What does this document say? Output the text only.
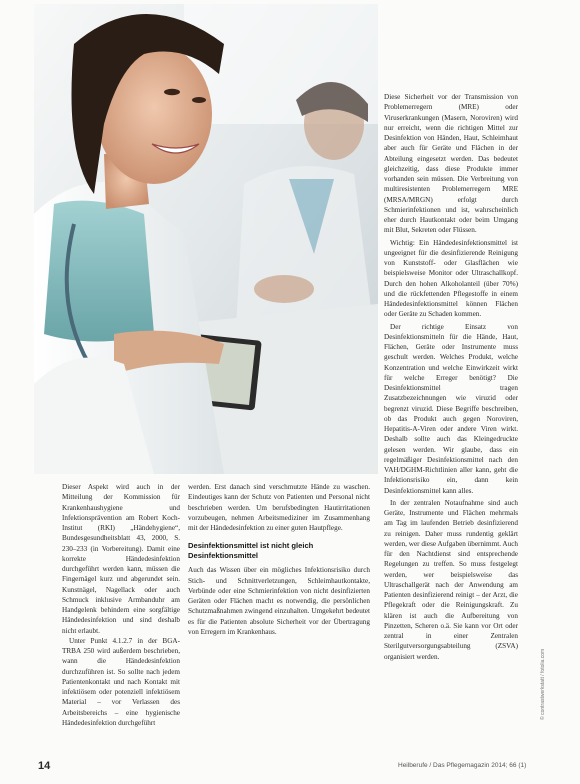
Dieser Aspekt wird auch in der Mitteilung der Kommission für Krankenhaushygiene und Infektionsprävention am Robert Koch-Institut (RKI) „Händehygiene“, Bundesgesundheitsblatt 43, 2000, S. 230–233 (in Vorbereitung). Damit eine korrekte Händedesinfektion durchgeführt werden kann, müssen die Fingernägel kurz und abgerundet sein. Kunstnägel, Nagellack oder auch Schmuck inklusive Armbanduhr am Handgelenk behindern eine sorgfältige Händedesinfektion und sind deshalb nicht erlaubt.

Unter Punkt 4.1.2.7 in der BGA-TRBA 250 wird außerdem beschrieben, wann die Händedesinfektion durchzuführen ist. So sollte nach jedem Patientenkontakt und nach Kontakt mit infektiösem oder potenziell infektiösem Material – vor Verlassen des Arbeitsbereichs – eine hygienische Händedesinfektion durchgeführt

werden. Erst danach sind verschmutzte Hände zu waschen. Eindeutiges kann der Schutz von Patienten und Personal nicht beschrieben werden. Um berufsbedingten Hautirritationen vorzubeugen, nehmen Arbeitsmediziner im Zusammenhang mit der Händedesinfektion zu einer guten Hautpflege.

Desinfektionsmittel ist nicht gleich Desinfektionsmittel

Auch das Wissen über ein mögliches Infektionsrisiko durch Stich- und Schnittverletzungen, Schleimhautkontakte, Verbünde oder eine Schmierinfektion von nicht desinfizierten Geräten oder Flächen macht es notwendig, die persönlichen Schutzmaßnahmen zwingend einzuhalten. Umgekehrt bedeutet es für die Patienten absolute Sicherheit vor der Übertragung von Erregern im Krankenhaus.

Diese Sicherheit vor der Transmission von Problemerregern (MRE) oder Viruserkrankungen (Masern, Noroviren) wird nur erreicht, wenn die richtigen Mittel zur Desinfektion von Händen, Haut, Schleimhaut aber auch für Geräte und Flächen in der Abteilung eingesetzt werden. Das bedeutet gleichzeitig, dass diese Produkte immer vorhanden sein müssen. Die Verbreitung von multiresistenten Problemerregern MRE (MRSA/MRGN) erfolgt durch Schmierinfektionen und ist, wahrscheinlich eher durch Hautkontakt oder beim Umgang mit Blut, Sekreten oder Flüssen.

Wichtig: Ein Händedesinfektionsmittel ist ungeeignet für die desinfizierende Reinigung von Kunststoff- oder Glasflächen wie beispielsweise Monitor oder Ultraschallkopf. Durch den hohen Alkoholanteil (über 70%) und die rückfettenden Pflegestoffe in einem Händedesinfektionsmittel können Flächen oder Geräte zu Schaden kommen.

Der richtige Einsatz von Desinfektionsmitteln für die Hände, Haut, Flächen, Geräte oder Instrumente muss geschult werden. Welches Produkt, welche Konzentration und welche Einwirkzeit wirkt für welche Erreger benötigt? Die Desinfektionsmittel tragen Zusatzbezeichnungen wie viruzid oder begrenzt viruzid. Diese Begriffe beschreiben, ob das Produkt auch gegen Noroviren, Hepatitis-A-Viren oder andere Viren wirkt. Deshalb sollte auch das Kleingedruckte gelesen werden. Wir glaube, dass ein regelmäßiger Desinfektionsmittel nach den VAH/DGHM-Richtlinien aller kann, geht die Infektionsrisiko ein, dann kein Desinfektionsmittel kann alles.

In der zentralen Notaufnahme sind auch Geräte, Instrumente und Flächen mehrmals am Tag im laufenden Betrieb desinfizierend zu reinigen. Daher muss rundentig geklärt werden, wer diese Aufgaben übernimmt. Auch für den Nachtdienst sind entsprechende Regelungen zu treffen. So muss festgelegt werden, wer beispielsweise das Ultraschallgerät nach der Anwendung am Patienten desinfizierend reinigt – der Arzt, die Pflegekraft oder die Reinigungskraft. Zu klären ist auch die Aufbereitung von Pinzetten, Scheren o.ä. Sie kann vor Ort oder zentral in einer Zentralen Sterilgutversorgungsabteilung (ZSVA) organisiert werden.

14	Heilberufe / Das Pflegemagazin 2014; 66 (1)
© contrastwerkstatt / fotolia.com
